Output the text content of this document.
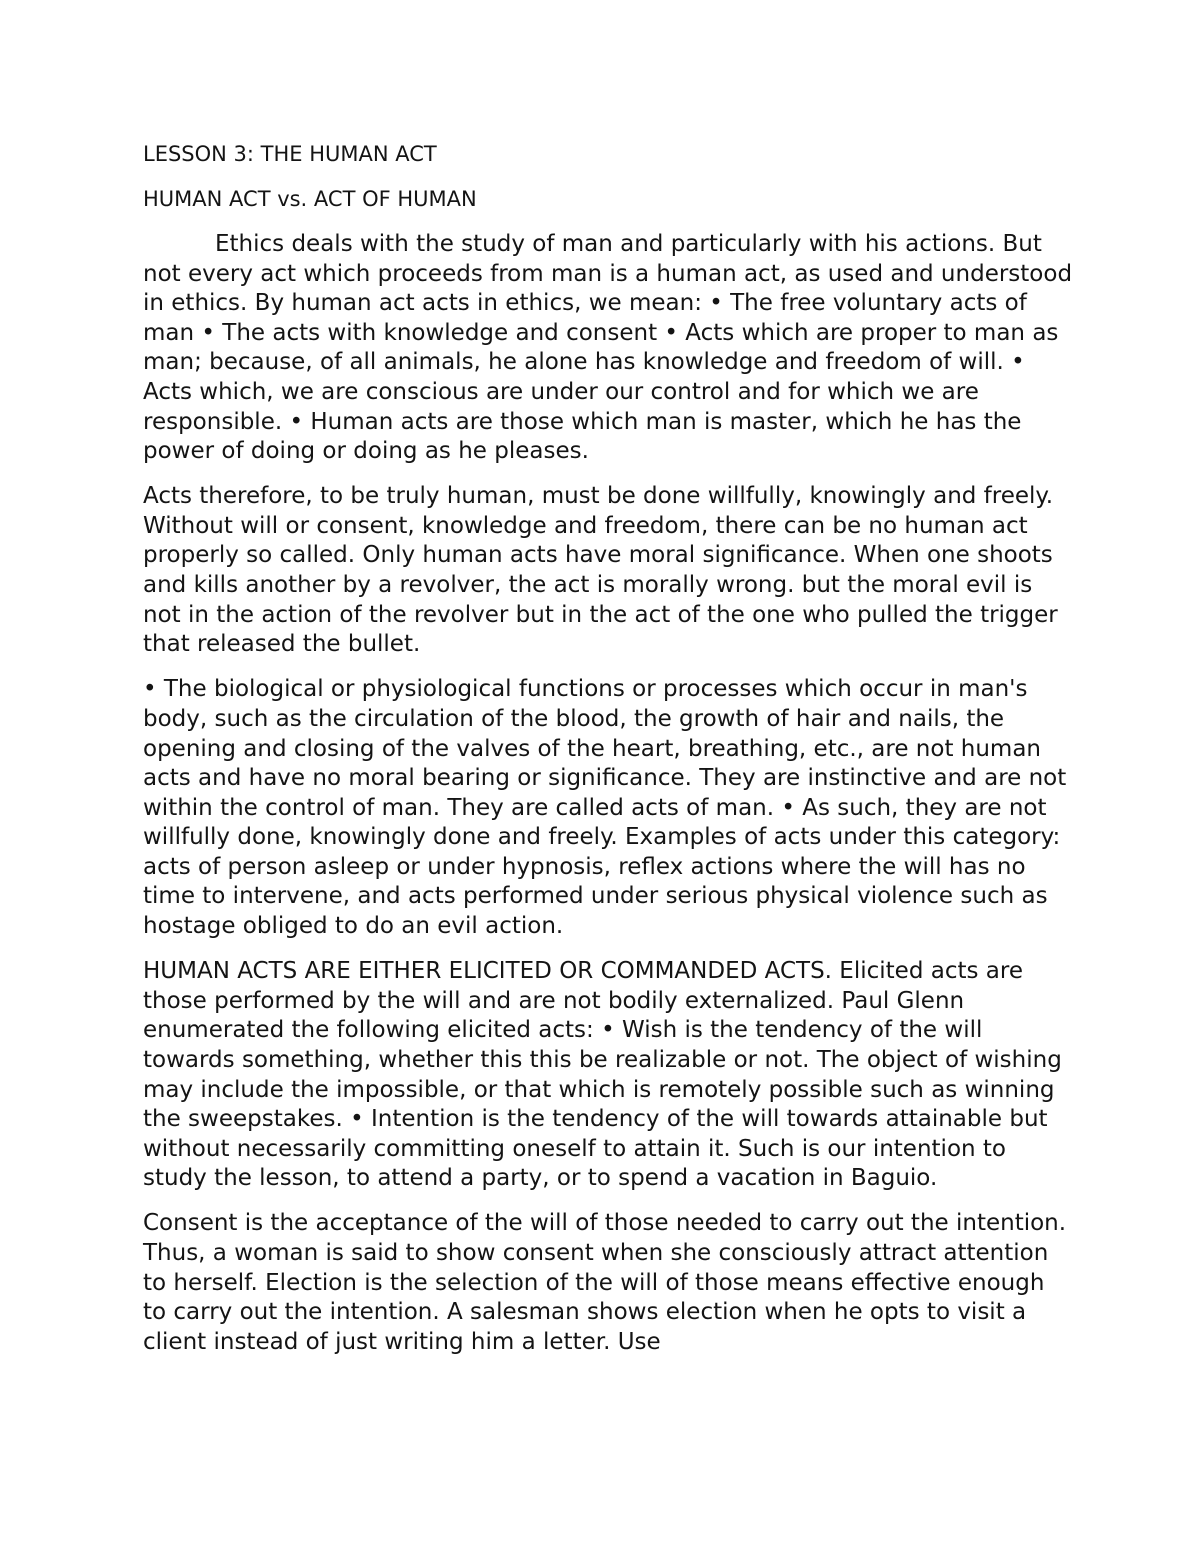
LESSON 3: THE HUMAN ACT
HUMAN ACT vs. ACT OF HUMAN

Ethics deals with the study of man and particularly with his actions. But not every act which proceeds from man is a human act, as used and understood in ethics. By human act acts in ethics, we mean: • The free voluntary acts of man • The acts with knowledge and consent • Acts which are proper to man as man; because, of all animals, he alone has knowledge and freedom of will. • Acts which, we are conscious are under our control and for which we are responsible. • Human acts are those which man is master, which he has the power of doing or doing as he pleases.

Acts therefore, to be truly human, must be done willfully, knowingly and freely. Without will or consent, knowledge and freedom, there can be no human act properly so called. Only human acts have moral significance. When one shoots and kills another by a revolver, the act is morally wrong. but the moral evil is not in the action of the revolver but in the act of the one who pulled the trigger that released the bullet.

• The biological or physiological functions or processes which occur in man's body, such as the circulation of the blood, the growth of hair and nails, the opening and closing of the valves of the heart, breathing, etc., are not human acts and have no moral bearing or significance. They are instinctive and are not within the control of man. They are called acts of man. • As such, they are not willfully done, knowingly done and freely. Examples of acts under this category: acts of person asleep or under hypnosis, reflex actions where the will has no time to intervene, and acts performed under serious physical violence such as hostage obliged to do an evil action.

HUMAN ACTS ARE EITHER ELICITED OR COMMANDED ACTS. Elicited acts are those performed by the will and are not bodily externalized. Paul Glenn enumerated the following elicited acts: • Wish is the tendency of the will towards something, whether this this be realizable or not. The object of wishing may include the impossible, or that which is remotely possible such as winning the sweepstakes. • Intention is the tendency of the will towards attainable but without necessarily committing oneself to attain it. Such is our intention to study the lesson, to attend a party, or to spend a vacation in Baguio.

Consent is the acceptance of the will of those needed to carry out the intention. Thus, a woman is said to show consent when she consciously attract attention to herself. Election is the selection of the will of those means effective enough to carry out the intention. A salesman shows election when he opts to visit a client instead of just writing him a letter. Use
